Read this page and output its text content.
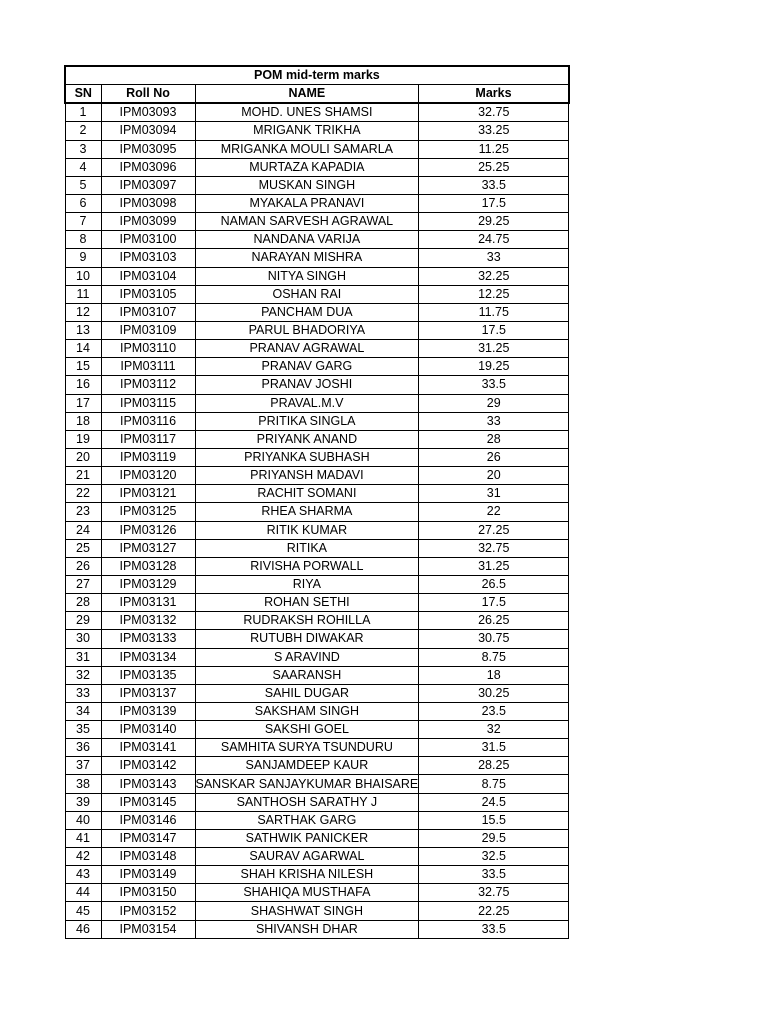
POM mid-term marks			
SN	Roll No	NAME	Marks
1	IPM03093	MOHD. UNES SHAMSI	32.75
2	IPM03094	MRIGANK TRIKHA	33.25
3	IPM03095	MRIGANKA MOULI SAMARLA	11.25
4	IPM03096	MURTAZA KAPADIA	25.25
5	IPM03097	MUSKAN SINGH	33.5
6	IPM03098	MYAKALA PRANAVI	17.5
7	IPM03099	NAMAN SARVESH AGRAWAL	29.25
8	IPM03100	NANDANA VARIJA	24.75
9	IPM03103	NARAYAN MISHRA	33
10	IPM03104	NITYA SINGH	32.25
11	IPM03105	OSHAN RAI	12.25
12	IPM03107	PANCHAM DUA	11.75
13	IPM03109	PARUL BHADORIYA	17.5
14	IPM03110	PRANAV AGRAWAL	31.25
15	IPM03111	PRANAV GARG	19.25
16	IPM03112	PRANAV JOSHI	33.5
17	IPM03115	PRAVAL.M.V	29
18	IPM03116	PRITIKA SINGLA	33
19	IPM03117	PRIYANK ANAND	28
20	IPM03119	PRIYANKA SUBHASH	26
21	IPM03120	PRIYANSH MADAVI	20
22	IPM03121	RACHIT SOMANI	31
23	IPM03125	RHEA SHARMA	22
24	IPM03126	RITIK KUMAR	27.25
25	IPM03127	RITIKA	32.75
26	IPM03128	RIVISHA PORWALL	31.25
27	IPM03129	RIYA	26.5
28	IPM03131	ROHAN SETHI	17.5
29	IPM03132	RUDRAKSH ROHILLA	26.25
30	IPM03133	RUTUBH DIWAKAR	30.75
31	IPM03134	S ARAVIND	8.75
32	IPM03135	SAARANSH	18
33	IPM03137	SAHIL DUGAR	30.25
34	IPM03139	SAKSHAM SINGH	23.5
35	IPM03140	SAKSHI GOEL	32
36	IPM03141	SAMHITA SURYA TSUNDURU	31.5
37	IPM03142	SANJAMDEEP KAUR	28.25
38	IPM03143	SANSKAR SANJAYKUMAR BHAISARE	8.75
39	IPM03145	SANTHOSH SARATHY J	24.5
40	IPM03146	SARTHAK GARG	15.5
41	IPM03147	SATHWIK PANICKER	29.5
42	IPM03148	SAURAV AGARWAL	32.5
43	IPM03149	SHAH KRISHA NILESH	33.5
44	IPM03150	SHAHIQA MUSTHAFA	32.75
45	IPM03152	SHASHWAT SINGH	22.25
46	IPM03154	SHIVANSH DHAR	33.5
